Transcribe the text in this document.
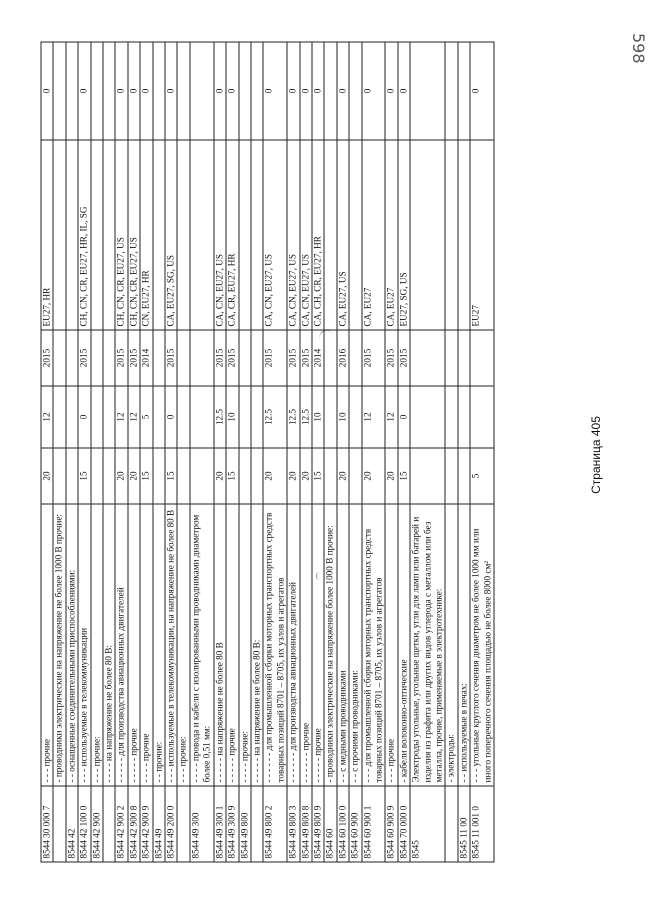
598
8544 30 000 7	- - - прочие	20	12	2015	EU27, HR	0
	- проводники электрические на напряжение не более 1000 В прочие:					
8544 42	- - оснащенные соединительными приспособлениями:					
8544 42 100 0	- - - используемые в телекоммуникации	15	0	2015	CH, CN, CR, EU27, HR, IL, SG	0
8544 42 900	- - - прочие:					
	- - - - на напряжение не более 80 В:					
8544 42 900 2	- - - - - для производства авиационных двигателей	20	12	2015	CH, CN, CR, EU27, US	0
8544 42 900 8	- - - - - прочие	20	12	2015	CH, CN, CR, EU27, US	0
8544 42 900 9	- - - - прочие	15	5	2014	CN, EU27, HR	0
8544 49	- - прочие:					
8544 49 200 0	- - - используемые в телекоммуникации, на напряжение не более 80 В	15	0	2015	CA, EU27, SG, US	0
	- - - прочие:					
8544 49 300	- - - - провода и кабели с изолированными проводниками диаметром более 0,51 мм:					
8544 49 300 1	- - - - - на напряжение не более 80 В	20	12.5	2015	CA, CN, EU27, US	0
8544 49 300 9	- - - - - прочие	15	10	2015	CA, CR, EU27, HR	0
8544 49 800	- - - - прочие:					
	- - - - - на напряжение не более 80 В:					
8544 49 800 2	- - - - - - для промышленной сборки моторных транспортных средств товарных позиций 8701 – 8705, их узлов и агрегатов	20	12.5	2015	CA, CN, EU27, US	0
8544 49 800 3	- - - - - - для производства авиационных двигателей	20	12.5	2015	CA, CN, EU27, US	0
8544 49 800 8	- - - - - - прочие	20	12.5	2015	CA, CN, EU27, US	0
8544 49 800 9	- - - - - прочие	15	10	2014	CA, CH, CR, EU27, HR	0
8544 60	- проводники электрические на напряжение более 1000 В прочие:					
8544 60 100 0	- - с медными проводниками	20	10	2016	CA, EU27, US	0
8544 60 900	- - с прочими проводниками:					
8544 60 900 1	- - - для промышленной сборки моторных транспортных средств товарных позиций 8701 – 8705, их узлов и агрегатов	20	12	2015	CA, EU27	0
8544 60 900 9	- - - прочие	20	12	2015	CA, EU27	0
8544 70 000 0	- кабели волоконно-оптические	15	0	2015	EU27, SG, US	0
8545	Электроды угольные, угольные щетки, угли для ламп или батарей и изделия из графита или других видов углерода с металлом или без металла, прочие, применяемые в электротехнике:					
	- электроды:					
8545 11 00	- - используемые в печах:					
8545 11 001 0	- - - угольные круглого сечения диаметром не более 1000 мм или иного поперечного сечения площадью не более 8000 см²	5			EU27	0
Страница 405
